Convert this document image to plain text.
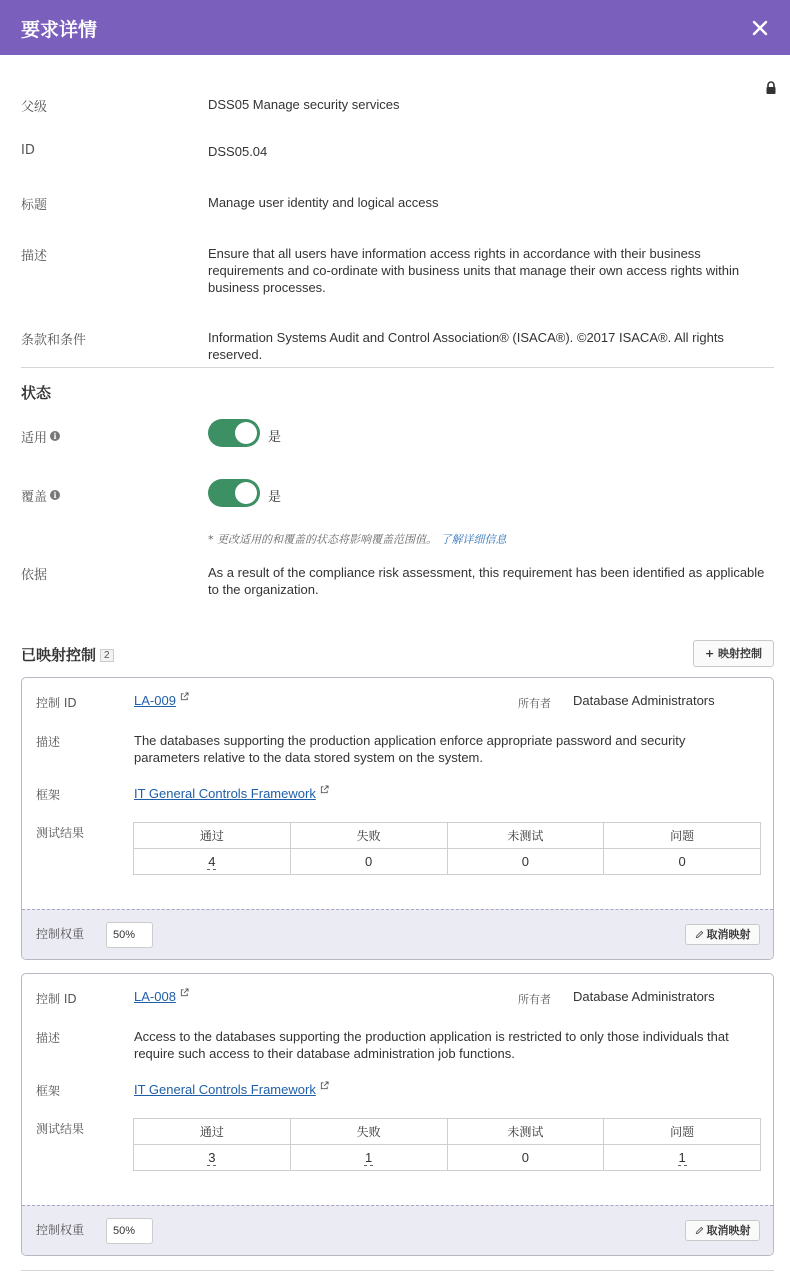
要求详情
父级	DSS05 Manage security services
ID	DSS05.04
标题	Manage user identity and logical access
描述	Ensure that all users have information access rights in accordance with their business requirements and co-ordinate with business units that manage their own access rights within business processes.
条款和条件	Information Systems Audit and Control Association® (ISACA®). ©2017 ISACA®. All rights reserved.
状态
适用 i	是
覆盖 i	是
* 更改适用的和覆盖的状态将影响覆盖范围值。 了解详细信息
依据	As a result of the compliance risk assessment, this requirement has been identified as applicable to the organization.
已映射控制 2	+ 映射控制
控制 ID	LA-009	所有者 Database Administrators
描述	The databases supporting the production application enforce appropriate password and security parameters relative to the data stored system on the system.
框架	IT General Controls Framework
测试结果	通过	失败	未测试	问题
4	0	0	0
控制权重	50%	取消映射
控制 ID	LA-008	所有者 Database Administrators
描述	Access to the databases supporting the production application is restricted to only those individuals that require such access to their database administration job functions.
框架	IT General Controls Framework
测试结果	通过	失败	未测试	问题
3	1	0	1
控制权重	50%	取消映射
